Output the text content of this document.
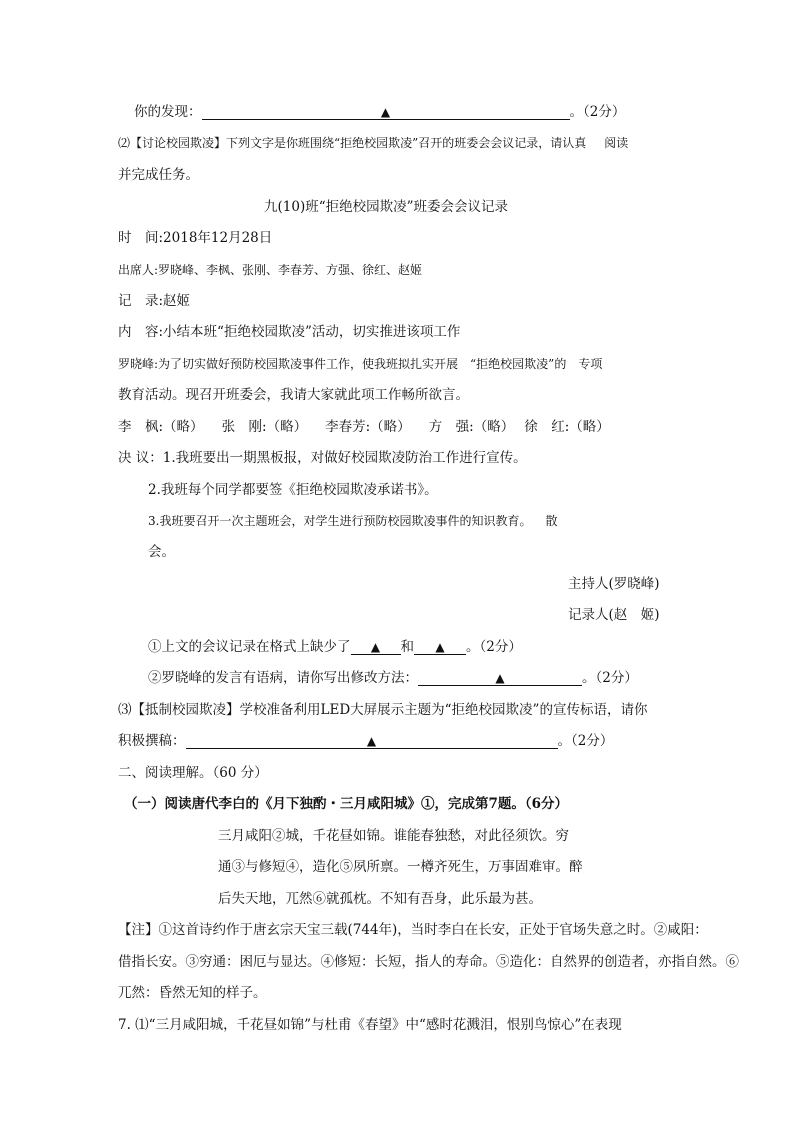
你的发现：	▲	。（2分）
⑵【讨论校园欺凌】下列文字是你班围绕“拒绝校园欺凌”召开的班委会会议记录，请认真 阅读
并完成任务。
九(10)班“拒绝校园欺凌”班委会会议记录
时　间:2018年12月28日
出席人:罗晓峰、李枫、张刚、李春芳、方强、徐红、赵姬
记　录:赵姬
内　容:小结本班“拒绝校园欺凌”活动，切实推进该项工作
罗晓峰:为了切实做好预防校园欺凌事件工作，使我班拟扎实开展　“拒绝校园欺凌”的　专项
教育活动。现召开班委会，我请大家就此项工作畅所欲言。
李　枫:（略） 张　刚:（略） 李春芳:（略） 方　强:（略） 徐　红:（略）
决 议：1.我班要出一期黑板报，对做好校园欺凌防治工作进行宣传。
2.我班每个同学都要签《拒绝校园欺凌承诺书》。
3.我班要召开一次主题班会，对学生进行预防校园欺凌事件的知识教育。 散
会。
主持人(罗晓峰)
记录人(赵　姬)
①上文的会议记录在格式上缺少了 ▲ 和 ▲ 。（2分）
②罗晓峰的发言有语病，请你写出修改方法：	▲	。（2分）
⑶【抵制校园欺凌】学校准备利用LED大屏展示主题为“拒绝校园欺凌”的宣传标语，请你
积极撰稿：	▲	。（2分）
二、阅读理解。（60 分）
（一）阅读唐代李白的《月下独酌・三月咸阳城》①，完成第7题。（6分）
三月咸阳②城，千花昼如锦。谁能春独愁，对此径须饮。穷
通③与修短④，造化⑤夙所禀。一樽齐死生，万事固难审。醉
后失天地，兀然⑥就孤枕。不知有吾身，此乐最为甚。
【注】①这首诗约作于唐玄宗天宝三载(744年)，当时李白在长安，正处于官场失意之时。②咸阳：
借指长安。③穷通：困厄与显达。④修短：长短，指人的寿命。⑤造化：自然界的创造者，亦指自然。⑥
兀然：昏然无知的样子。
7. ⑴“三月咸阳城，千花昼如锦”与杜甫《春望》中“感时花溅泪，恨别鸟惊心”在表现
